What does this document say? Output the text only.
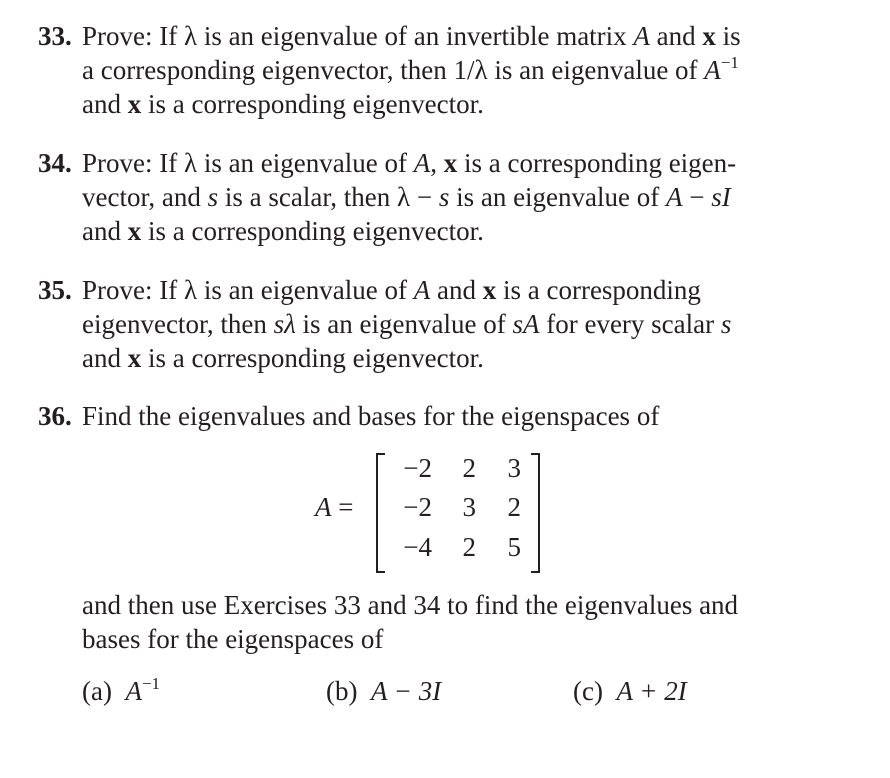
33. Prove: If λ is an eigenvalue of an invertible matrix A and x is
a corresponding eigenvector, then 1/λ is an eigenvalue of $A^{-1}$
and x is a corresponding eigenvector.
34. Prove: If λ is an eigenvalue of A, x is a corresponding eigen-
vector, and s is a scalar, then λ − s is an eigenvalue of A − sI
and x is a corresponding eigenvector.
35. Prove: If λ is an eigenvalue of A and x is a corresponding
eigenvector, then sλ is an eigenvalue of sA for every scalar s
and x is a corresponding eigenvector.
36. Find the eigenvalues and bases for the eigenspaces of
A =
−2	2	3
−2	3	2
−4	2	5
and then use Exercises 33 and 34 to find the eigenvalues and
bases for the eigenspaces of
(a) $A^{-1}$	(b) A − 3I	(c) A + 2I
